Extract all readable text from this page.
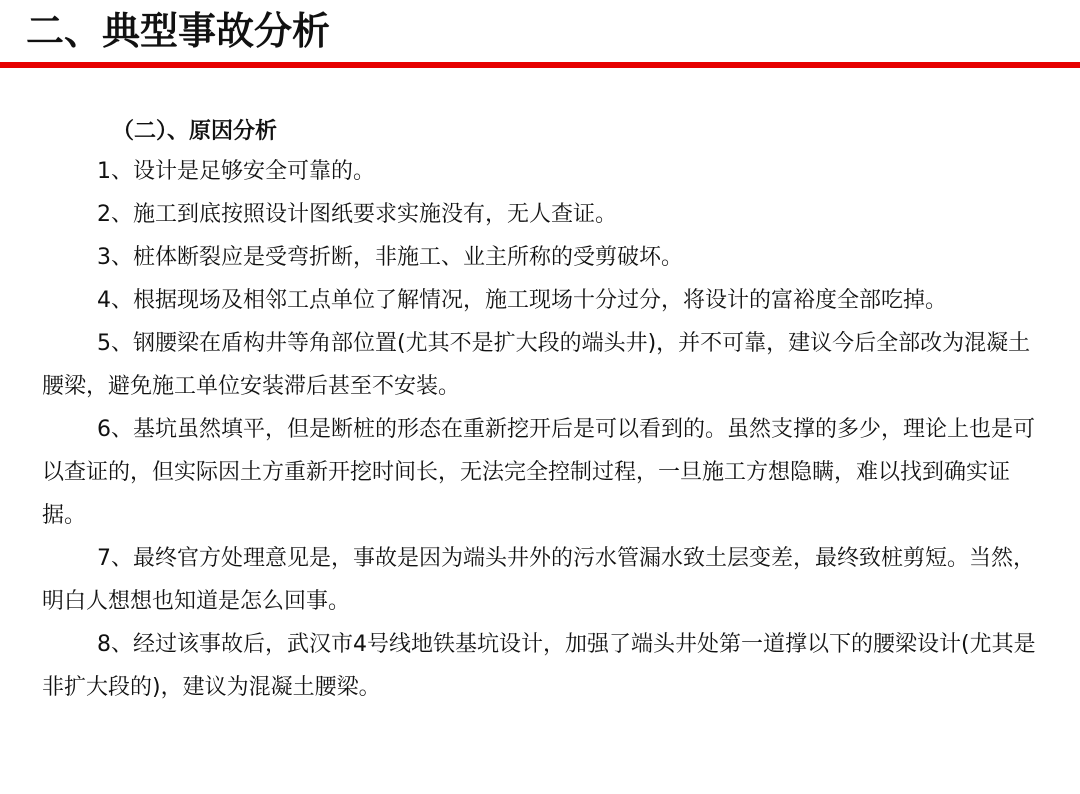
二、典型事故分析

（二）、原因分析

1、设计是足够安全可靠的。

2、施工到底按照设计图纸要求实施没有，无人查证。

3、桩体断裂应是受弯折断，非施工、业主所称的受剪破坏。

4、根据现场及相邻工点单位了解情况，施工现场十分过分，将设计的富裕度全部吃掉。

5、钢腰梁在盾构井等角部位置(尤其不是扩大段的端头井)，并不可靠，建议今后全部改为混凝土腰梁，避免施工单位安装滞后甚至不安装。

6、基坑虽然填平，但是断桩的形态在重新挖开后是可以看到的。虽然支撑的多少，理论上也是可以查证的，但实际因土方重新开挖时间长，无法完全控制过程，一旦施工方想隐瞒，难以找到确实证据。

7、最终官方处理意见是，事故是因为端头井外的污水管漏水致土层变差，最终致桩剪短。当然，明白人想想也知道是怎么回事。

8、经过该事故后，武汉市4号线地铁基坑设计，加强了端头井处第一道撑以下的腰梁设计(尤其是非扩大段的)，建议为混凝土腰梁。
